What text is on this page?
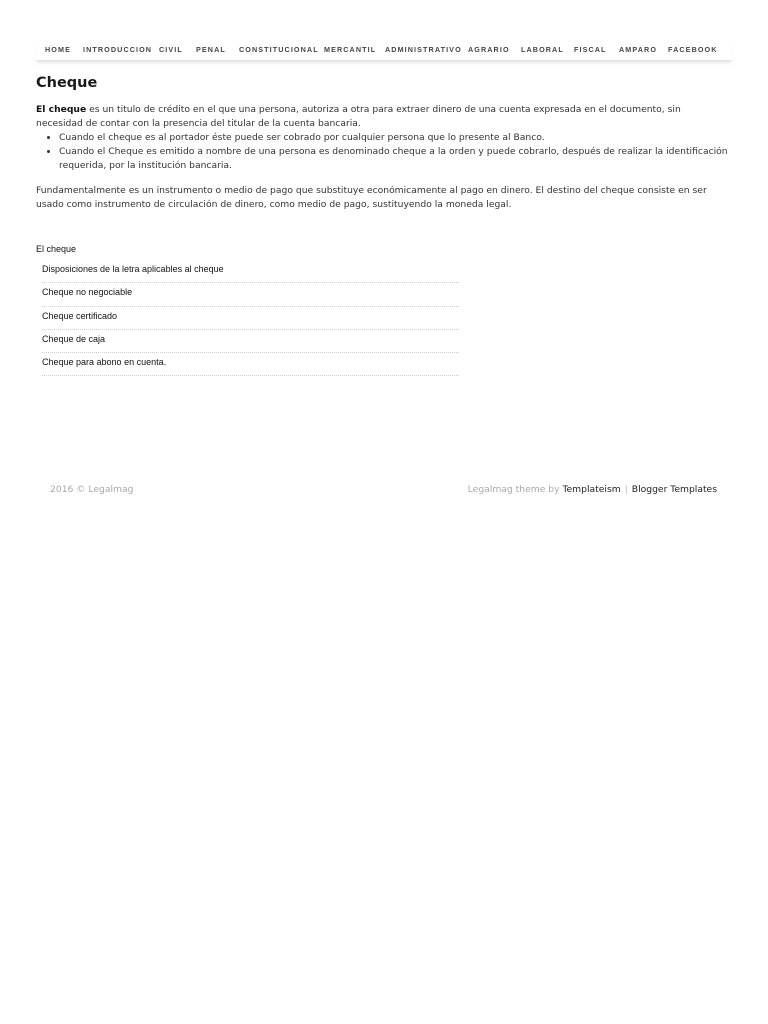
HOME INTRODUCCION CIVIL PENAL CONSTITUCIONAL MERCANTIL ADMINISTRATIVO AGRARIO LABORAL FISCAL AMPARO FACEBOOK
Cheque

El cheque es un titulo de crédito en el que una persona, autoriza a otra para extraer dinero de una cuenta expresada en el documento, sin necesidad de contar con la presencia del titular de la cuenta bancaria.

• Cuando el cheque es al portador éste puede ser cobrado por cualquier persona que lo presente al Banco.
• Cuando el Cheque es emitido a nombre de una persona es denominado cheque a la orden y puede cobrarlo, después de realizar la identificación requerida, por la institución bancaria.

Fundamentalmente es un instrumento o medio de pago que substituye económicamente al pago en dinero. El destino del cheque consiste en ser usado como instrumento de circulación de dinero, como medio de pago, sustituyendo la moneda legal.

El cheque
Disposiciones de la letra aplicables al cheque
Cheque no negociable
Cheque certificado
Cheque de caja
Cheque para abono en cuenta.
2016 © Legalmag	Legalmag theme by Templateism | Blogger Templates
